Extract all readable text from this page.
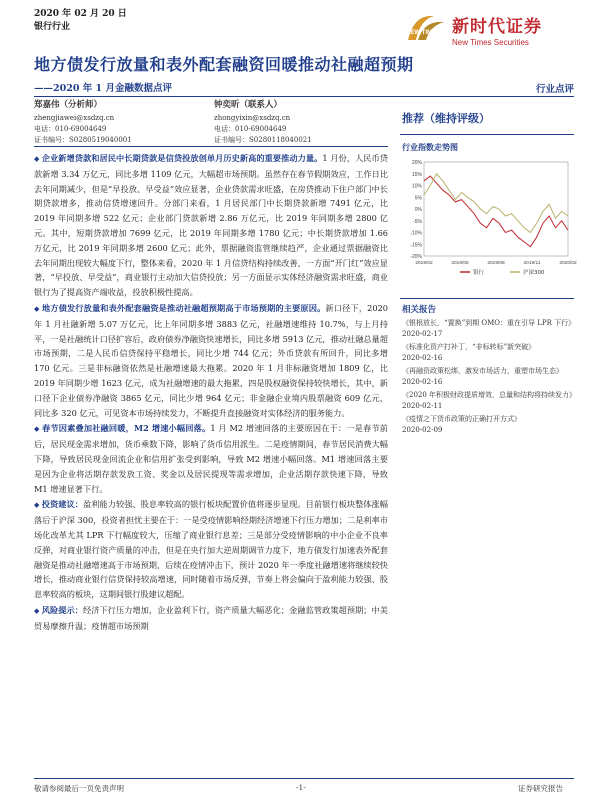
2020 年 02 月 20 日
银行行业
NEW TIMES 新时代证券
New Times Securities
地方债发行放量和表外配套融资回暖推动社融超预期
——2020 年 1 月金融数据点评	行业点评
郑嘉伟（分析师）
zhengjiawei@xsdzq.cn
电话：010-69004649
证书编号：S0280519040001
钟奕昕（联系人）
zhongyixin@xsdzq.cn
电话：010-69004649
证书编号：S0280118040021
推荐（维持评级）
行业指数走势图
20%
15%
10%
5%
0%
-5%
-10%
-15%
-20%
2019/02	2019/05	2019/08	2019/11	2020/02
银行	沪深300

◆ 企业新增贷款和居民中长期贷款是信贷投放创单月历史新高的重要推动力量。1 月份，人民币贷款新增 3.34 万亿元，同比多增 1109 亿元，大幅超市场预期。虽然存在春节假期效应，工作日比去年同期减少，但是“早投放、早受益”效应显著，企业贷款需求旺盛，在房贷推动下住户部门中长期贷款增多，推动信贷增速回升。分部门来看，1 月居民部门中长期贷款新增 7491 亿元，比 2019 年同期多增 522 亿元；企业部门贷款新增 2.86 万亿元，比 2019 年同期多增 2800 亿元。其中，短期贷款增加 7699 亿元，比 2019 年同期多增 1780 亿元；中长期贷款增加 1.66 万亿元，比 2019 年同期多增 2600 亿元；此外，票据融资监管继续趋严，企业通过票据融资比去年同期出现较大幅度下行，整体来看，2020 年 1 月信贷结构持续改善，一方面“开门红”效应显著，“早投放、早受益”，商业银行主动加大信贷投放；另一方面显示实体经济融资需求旺盛，商业银行为了提高资产端收益，投放积极性提高。

◆ 地方债发行放量和表外配套融资是推动社融超预期高于市场预期的主要原因。新口径下，2020 年 1 月社融新增 5.07 万亿元，比上年同期多增 3883 亿元，社融增速维持 10.7%，与上月持平，一是社融统计口径扩容后，政府债券净融资快速增长，同比多增 5913 亿元，推动社融总量超市场预期，二是人民币信贷保持平稳增长，同比少增 744 亿元；外币贷款有所回升，同比多增 170 亿元。三是非标融资依然是社融增速最大拖累。2020 年 1 月非标融资增加 1809 亿，比 2019 年同期少增 1623 亿元，成为社融增速的最大拖累，四是股权融资保持较快增长，其中，新口径下企业债券净融资 3865 亿元，同比少增 964 亿元；非金融企业境内股票融资 609 亿元，同比多 320 亿元，可见资本市场持续发力，不断提升直接融资对实体经济的服务能力。

◆ 春节因素叠加社融回暖，M2 增速小幅回落。1 月 M2 增速回落的主要原因在于：一是春节前后，居民现金需求增加，货币乘数下降，影响了货币信用派生。二是疫情期间，春节居民消费大幅下降，导致居民现金回流企业和信用扩张受到影响，导致 M2 增速小幅回落。M1 增速回落主要是因为企业将活期存款发放工资、奖金以及居民提现等需求增加，企业活期存款快速下降，导致 M1 增速显著下行。

◆ 投资建议：盈利能力较强、股息率较高的银行板块配置价值将逐步显现。目前银行板块整体涨幅落后于沪深 300，投资者担忧主要在于：一是受疫情影响经期经济增速下行压力增加；二是利率市场化改革尤其 LPR 下行幅度较大，压缩了商业银行息差；三是部分受疫情影响的中小企业不良率反弹，对商业银行资产质量的冲击，但是在央行加大逆周期调节力度下，地方债发行加速表外配套融资是推动社融增速高于市场预期，后续在疫情冲击下，预计 2020 年一季度社融增速将继续较快增长，推动商业银行信贷保持较高增速，同时随着市场反弹，节奏上将会偏向于盈利能力较强、股息率较高的板块，这期间银行股建议超配。

◆ 风险提示：经济下行压力增加，企业盈利下行，资产质量大幅恶化；金融监管政策超预期；中美贸易摩擦升温；疫情超市场预期

相关报告
《银根放长，“置换”到期 OMO：重在引导 LPR 下行》
2020-02-17
《标准化资产打补丁，“非标转标”新突破》
2020-02-16
《再融资政策松绑，激发市场活力，重塑市场生态》
2020-02-16
《2020 年积极财政提质增效，总量和结构将持续发力》
2020-02-11
《疫情之下货币政策的正确打开方式》
2020-02-09
敬请参阅最后一页免责声明	-1-	证券研究报告
